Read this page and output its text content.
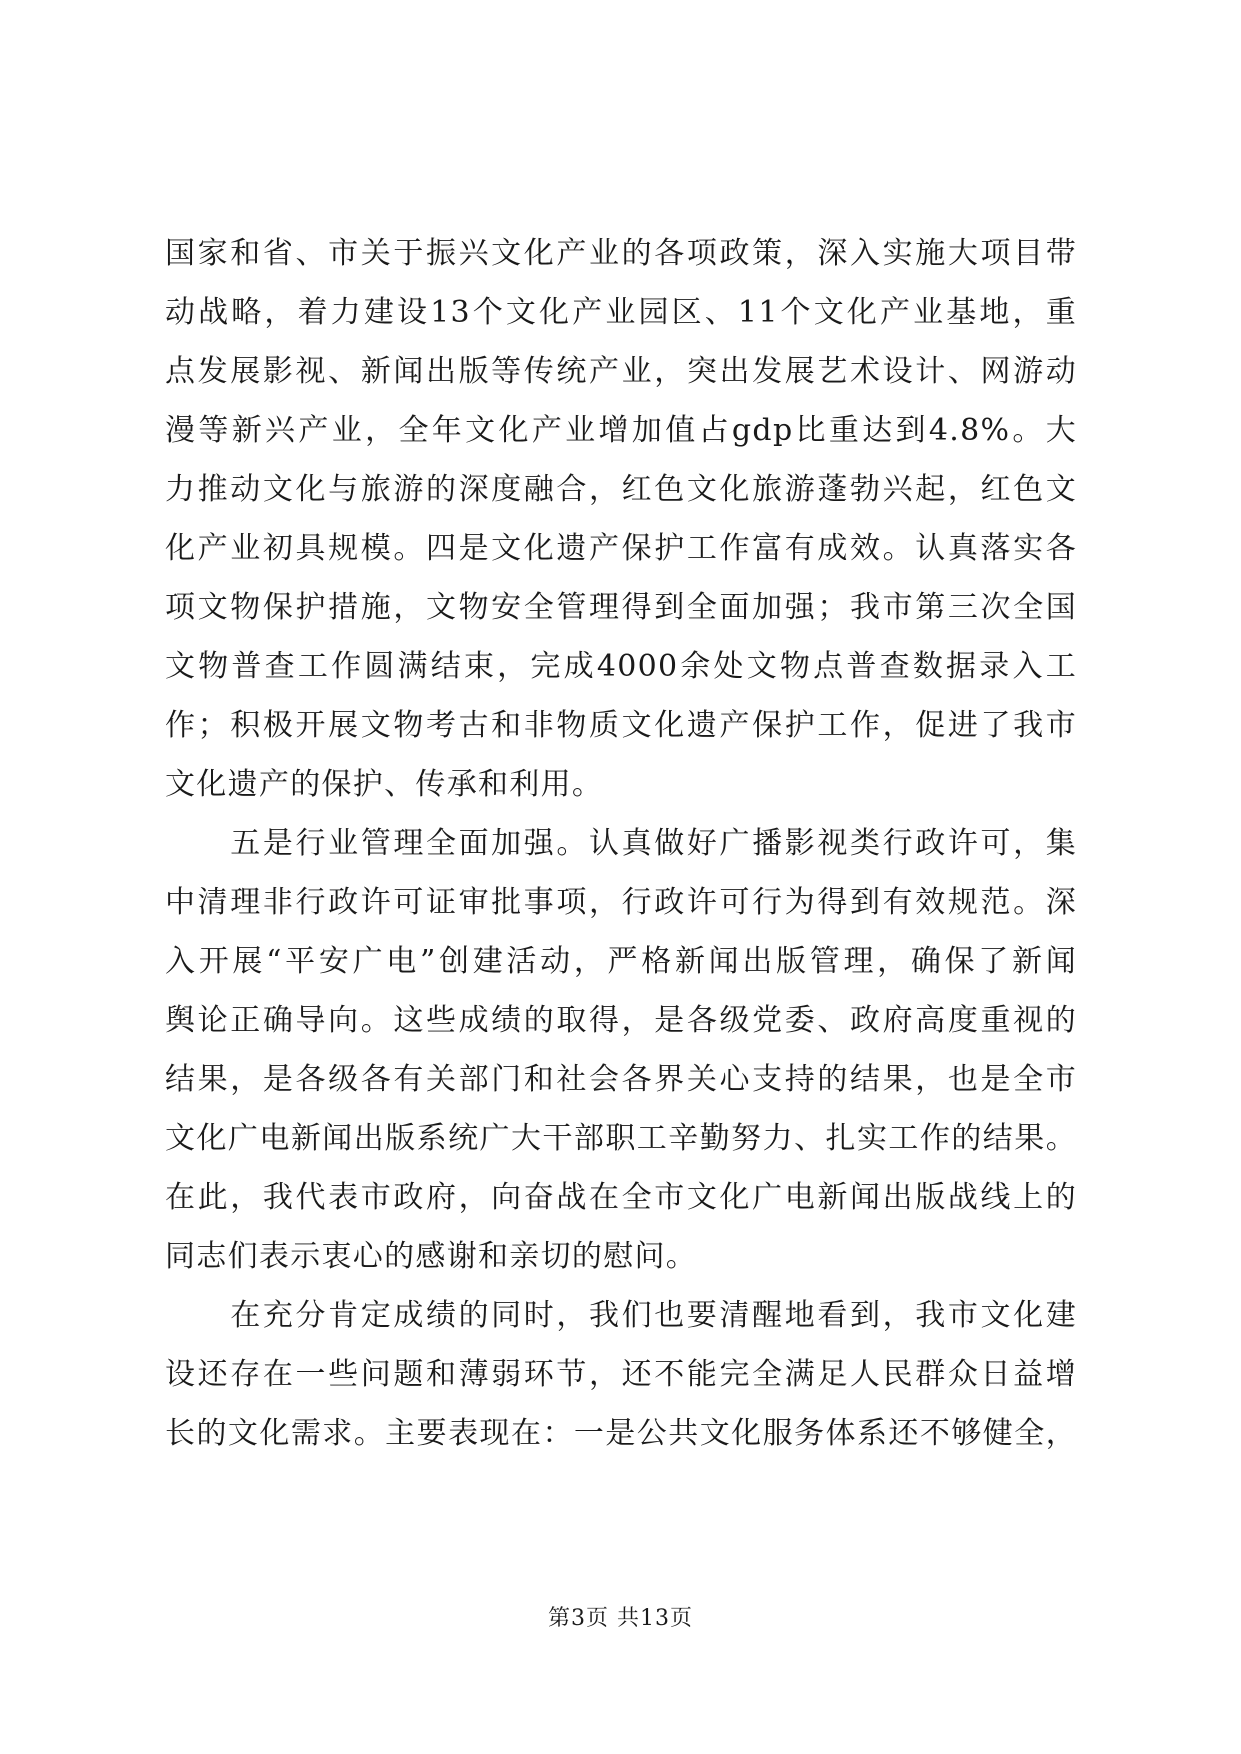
国家和省、市关于振兴文化产业的各项政策，深入实施大项目带
动战略，着力建设13个文化产业园区、11个文化产业基地，重
点发展影视、新闻出版等传统产业，突出发展艺术设计、网游动
漫等新兴产业，全年文化产业增加值占gdp比重达到4.8%。大
力推动文化与旅游的深度融合，红色文化旅游蓬勃兴起，红色文
化产业初具规模。四是文化遗产保护工作富有成效。认真落实各
项文物保护措施，文物安全管理得到全面加强；我市第三次全国
文物普查工作圆满结束，完成4000余处文物点普查数据录入工
作；积极开展文物考古和非物质文化遗产保护工作，促进了我市
文化遗产的保护、传承和利用。
　　五是行业管理全面加强。认真做好广播影视类行政许可，集
中清理非行政许可证审批事项，行政许可行为得到有效规范。深
入开展“平安广电”创建活动，严格新闻出版管理，确保了新闻
舆论正确导向。这些成绩的取得，是各级党委、政府高度重视的
结果，是各级各有关部门和社会各界关心支持的结果，也是全市
文化广电新闻出版系统广大干部职工辛勤努力、扎实工作的结果。
在此，我代表市政府，向奋战在全市文化广电新闻出版战线上的
同志们表示衷心的感谢和亲切的慰问。
　　在充分肯定成绩的同时，我们也要清醒地看到，我市文化建
设还存在一些问题和薄弱环节，还不能完全满足人民群众日益增
长的文化需求。主要表现在：一是公共文化服务体系还不够健全，
第3页 共13页
